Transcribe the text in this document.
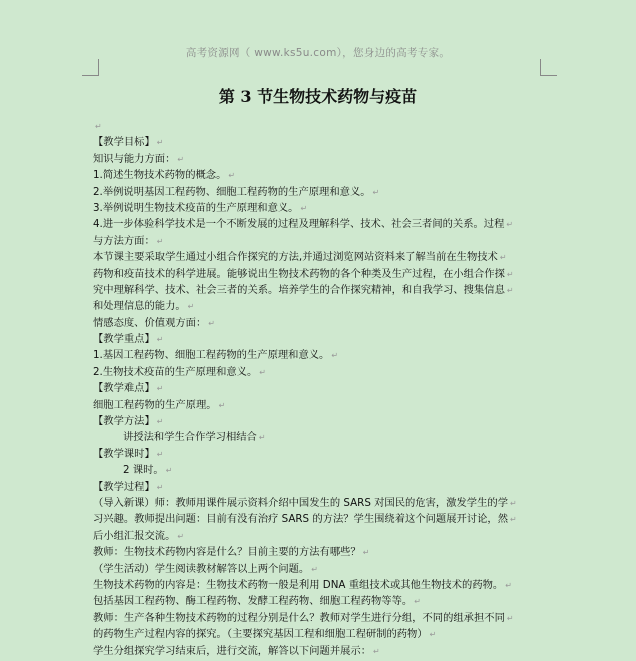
高考资源网（ www.ks5u.com），您身边的高考专家。
第 3 节生物技术药物与疫苗
↵
【教学目标】 ↵
知识与能力方面： ↵
1.简述生物技术药物的概念。 ↵
2.举例说明基因工程药物、细胞工程药物的生产原理和意义。 ↵
3.举例说明生物技术疫苗的生产原理和意义。 ↵
4.进一步体验科学技术是一个不断发展的过程及理解科学、技术、社会三者间的关系。过程 ↵
与方法方面： ↵
本节课主要采取学生通过小组合作探究的方法,并通过浏览网站资料来了解当前在生物技术 ↵
药物和疫苗技术的科学进展。能够说出生物技术药物的各个种类及生产过程，在小组合作探 ↵
究中理解科学、技术、社会三者的关系。培养学生的合作探究精神，和自我学习、搜集信息 ↵
和处理信息的能力。 ↵
情感态度、价值观方面： ↵
【教学重点】 ↵
1.基因工程药物、细胞工程药物的生产原理和意义。 ↵
2.生物技术疫苗的生产原理和意义。 ↵
【教学难点】 ↵
细胞工程药物的生产原理。 ↵
【教学方法】 ↵
讲授法和学生合作学习相结合 ↵
【教学课时】 ↵
2 课时。 ↵
【教学过程】 ↵
（导入新课）师：教师用课件展示资料介绍中国发生的 SARS 对国民的危害，激发学生的学 ↵
习兴趣。教师提出问题：目前有没有治疗 SARS 的方法？学生围绕着这个问题展开讨论，然 ↵
后小组汇报交流。 ↵
教师：生物技术药物内容是什么？目前主要的方法有哪些？ ↵
（学生活动）学生阅读教材解答以上两个问题。 ↵
生物技术药物的内容是：生物技术药物一般是利用 DNA 重组技术或其他生物技术的药物。 ↵
包括基因工程药物、酶工程药物、发酵工程药物、细胞工程药物等等。 ↵
教师：生产各种生物技术药物的过程分别是什么？教师对学生进行分组，不同的组承担不同 ↵
的药物生产过程内容的探究。（主要探究基因工程和细胞工程研制的药物） ↵
学生分组探究学习结束后，进行交流，解答以下问题并展示： ↵
